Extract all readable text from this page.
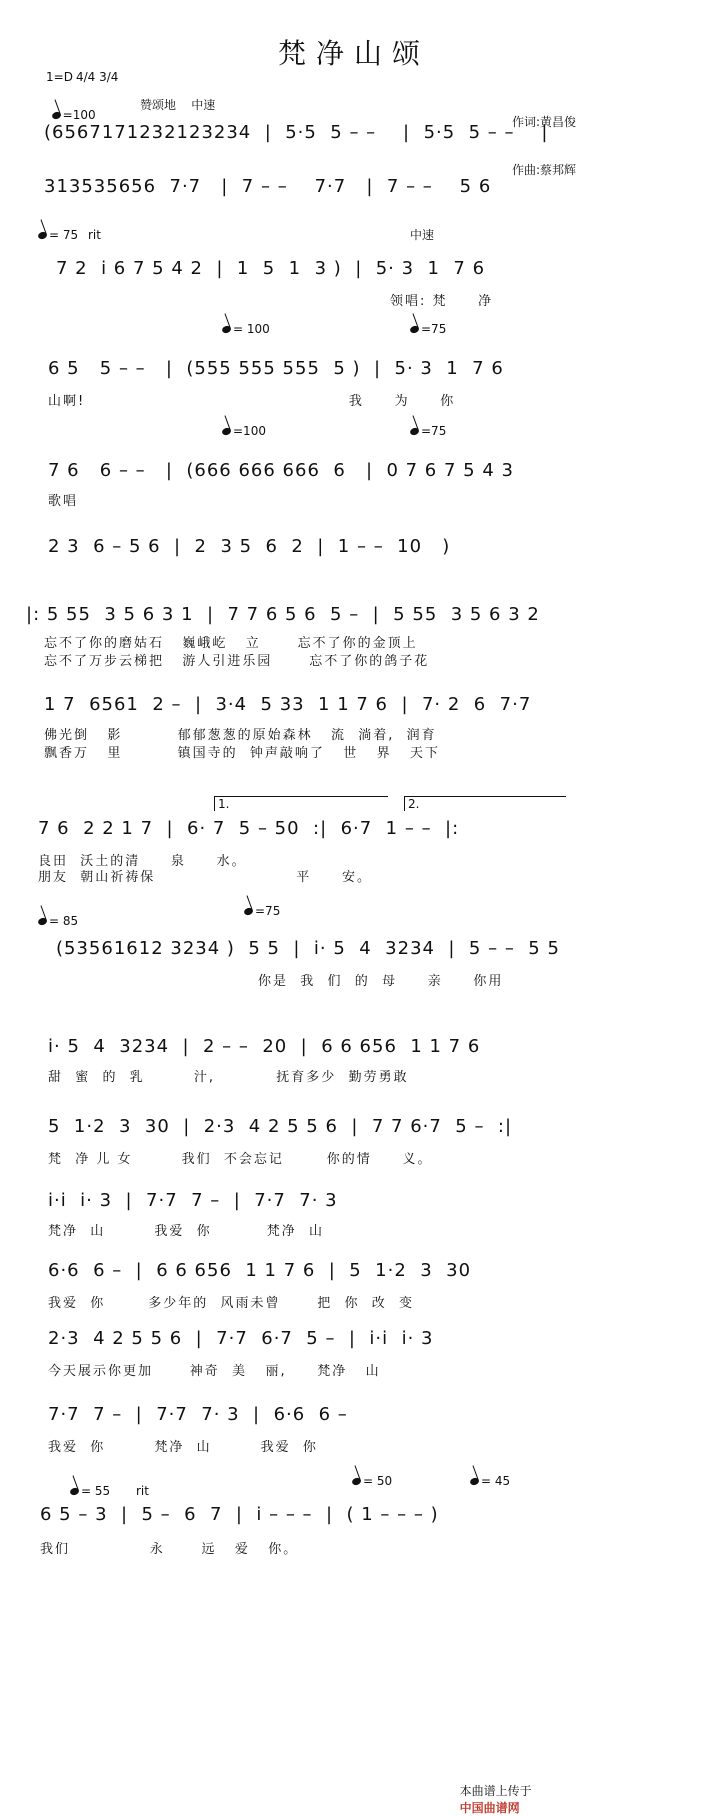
梵净山颂
1=D 4/4 3/4

=100

赞颂地    中速

作词:黄昌俊

作曲:蔡邦辉

(6567171232123234  |  5·5  5 – –    |  5·5  5 – –    |
313535656  7·7   |  7 – –    7·7   |  7 – –    5 6
= 75 rit	中速
7 2  i 6 7 5 4 2  |  1  5  1  3 )  |  5· 3  1  7 6
领唱: 梵     净
= 100	=75
6 5   5 – –   |  (555 555 555  5 )  |  5· 3  1  7 6
山啊!                                           我     为     你
=100	=75
7 6   6 – –   |  (666 666 666  6   |  0 7 6 7 5 4 3
歌唱
2 3  6 – 5 6  |  2  3 5  6  2  |  1 – –  10   )
|: 5 55  3 5 6 3 1  |  7 7 6 5 6  5 –  |  5 55  3 5 6 3 2
忘不了你的磨姑石   巍峨屹   立      忘不了你的金顶上
忘不了万步云梯把   游人引进乐园      忘不了你的鸽子花
1 7  6561  2 –  |  3·4  5 33  1 1 7 6  |  7· 2  6  7·7
佛光倒   影         郁郁葱葱的原始森林   流  淌着,  润育
飘香万   里         镇国寺的  钟声敲响了   世   界   天下
1.	2.
7 6  2 2 1 7  |  6· 7  5 – 50  :|  6·7  1 – –  |:
良田  沃土的清     泉     水。
朋友  朝山祈祷保                       平     安。
= 85
=75
(53561612 3234 )  5 5  |  i· 5  4  3234  |  5 – –  5 5
你是  我  们  的  母     亲     你用
i· 5  4  3234  |  2 – –  20  |  6 6 656  1 1 7 6
甜  蜜  的  乳        汁,          抚育多少  勤劳勇敢
5  1·2  3  30  |  2·3  4 2 5 5 6  |  7 7 6·7  5 –  :|
梵  净 儿 女        我们  不会忘记       你的情     义。
i·i  i· 3  |  7·7  7 –  |  7·7  7· 3
梵净  山        我爱  你         梵净  山
6·6  6 –  |  6 6 656  1 1 7 6  |  5  1·2  3  30
我爱  你       多少年的  风雨未曾      把  你  改  变
2·3  4 2 5 5 6  |  7·7  6·7  5 –  |  i·i  i· 3
今天展示你更加      神奇  美   丽,     梵净   山
7·7  7 –  |  7·7  7· 3  |  6·6  6 –
我爱  你        梵净  山        我爱  你
= 55 rit
= 50	= 45
6 5 – 3  |  5 –  6  7  |  i – – –  |  ( 1 – – – )
我们             永      远   爱   你。

本曲谱上传于
中国曲谱网
